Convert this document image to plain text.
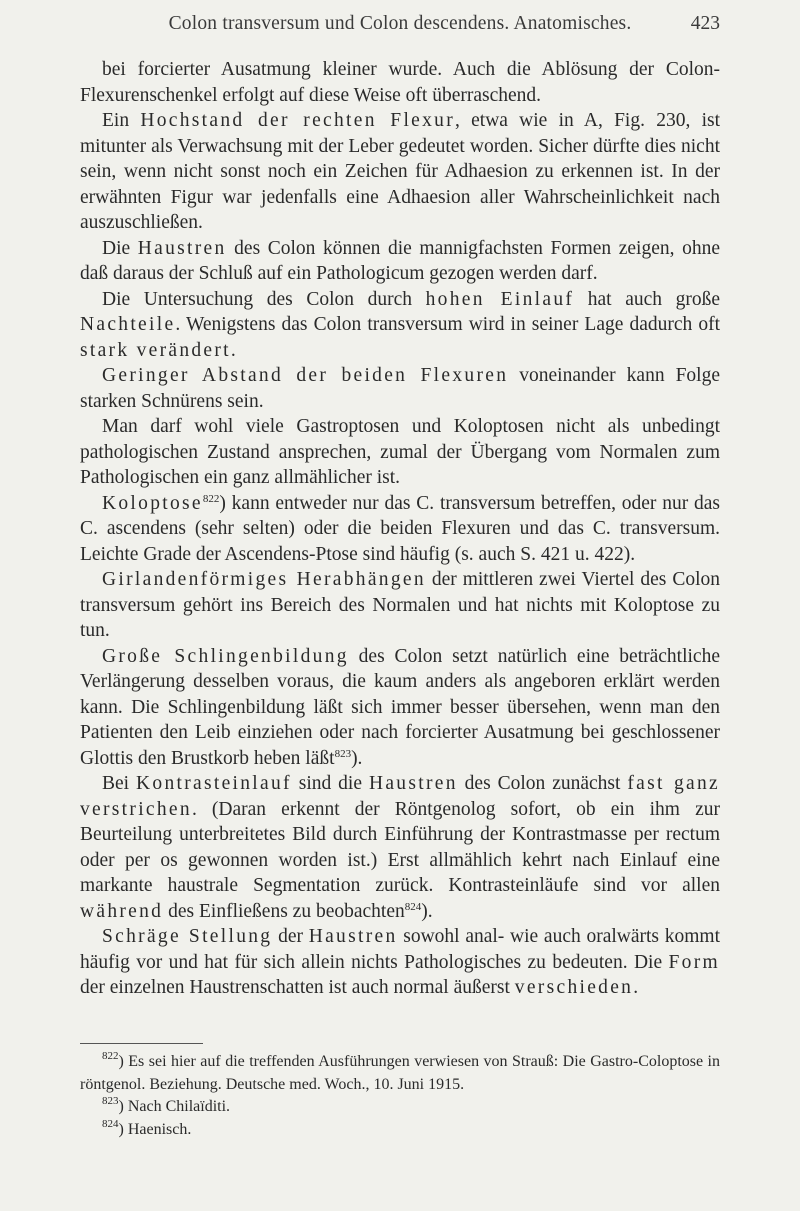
Colon transversum und Colon descendens. Anatomisches.	423

bei forcierter Ausatmung kleiner wurde. Auch die Ablösung der Colon-Flexurenschenkel erfolgt auf diese Weise oft überraschend.

Ein Hochstand der rechten Flexur, etwa wie in A, Fig. 230, ist mitunter als Verwachsung mit der Leber gedeutet worden. Sicher dürfte dies nicht sein, wenn nicht sonst noch ein Zeichen für Adhaesion zu erkennen ist. In der erwähnten Figur war jedenfalls eine Adhaesion aller Wahrscheinlichkeit nach auszuschließen.

Die Haustren des Colon können die mannigfachsten Formen zeigen, ohne daß daraus der Schluß auf ein Pathologicum gezogen werden darf.

Die Untersuchung des Colon durch hohen Einlauf hat auch große Nachteile. Wenigstens das Colon transversum wird in seiner Lage dadurch oft stark verändert.

Geringer Abstand der beiden Flexuren voneinander kann Folge starken Schnürens sein.

Man darf wohl viele Gastroptosen und Koloptosen nicht als unbedingt pathologischen Zustand ansprechen, zumal der Übergang vom Normalen zum Pathologischen ein ganz allmählicher ist.

Koloptose$^{822}$) kann entweder nur das C. transversum betreffen, oder nur das C. ascendens (sehr selten) oder die beiden Flexuren und das C. transversum. Leichte Grade der Ascendens-Ptose sind häufig (s. auch S. 421 u. 422).

Girlandenförmiges Herabhängen der mittleren zwei Viertel des Colon transversum gehört ins Bereich des Normalen und hat nichts mit Koloptose zu tun.

Große Schlingenbildung des Colon setzt natürlich eine beträchtliche Verlängerung desselben voraus, die kaum anders als angeboren erklärt werden kann. Die Schlingenbildung läßt sich immer besser übersehen, wenn man den Patienten den Leib einziehen oder nach forcierter Ausatmung bei geschlossener Glottis den Brustkorb heben läßt$^{823}$).

Bei Kontrasteinlauf sind die Haustren des Colon zunächst fast ganz verstrichen. (Daran erkennt der Röntgenolog sofort, ob ein ihm zur Beurteilung unterbreitetes Bild durch Einführung der Kontrastmasse per rectum oder per os gewonnen worden ist.) Erst allmählich kehrt nach Einlauf eine markante haustrale Segmentation zurück. Kontrasteinläufe sind vor allen während des Einfließens zu beobachten$^{824}$).

Schräge Stellung der Haustren sowohl anal- wie auch oralwärts kommt häufig vor und hat für sich allein nichts Pathologisches zu bedeuten. Die Form der einzelnen Haustrenschatten ist auch normal äußerst verschieden.

$^{822}$) Es sei hier auf die treffenden Ausführungen verwiesen von Strauß: Die Gastro-Coloptose in röntgenol. Beziehung. Deutsche med. Woch., 10. Juni 1915.

$^{823}$) Nach Chilaïditi.

$^{824}$) Haenisch.
